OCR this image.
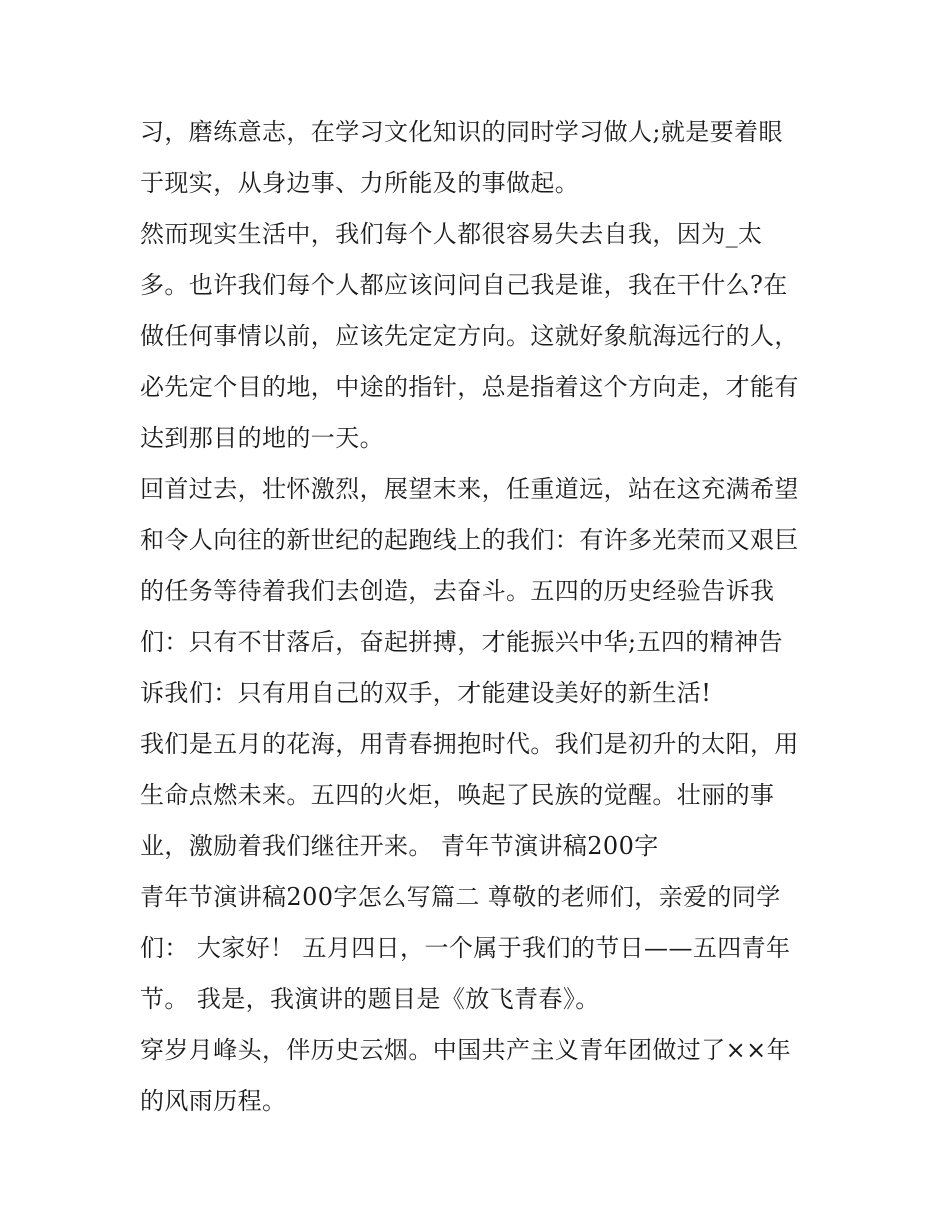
习，磨练意志，在学习文化知识的同时学习做人;就是要着眼
于现实，从身边事、力所能及的事做起。
然而现实生活中，我们每个人都很容易失去自我，因为_太
多。也许我们每个人都应该问问自己我是谁，我在干什么?在
做任何事情以前，应该先定定方向。这就好象航海远行的人，
必先定个目的地，中途的指针，总是指着这个方向走，才能有
达到那目的地的一天。
回首过去，壮怀激烈，展望末来，任重道远，站在这充满希望
和令人向往的新世纪的起跑线上的我们：有许多光荣而又艰巨
的任务等待着我们去创造，去奋斗。五四的历史经验告诉我
们：只有不甘落后，奋起拼搏，才能振兴中华;五四的精神告
诉我们：只有用自己的双手，才能建设美好的新生活!
我们是五月的花海，用青春拥抱时代。我们是初升的太阳，用
生命点燃未来。五四的火炬，唤起了民族的觉醒。壮丽的事
业，激励着我们继往开来。 青年节演讲稿200字
青年节演讲稿200字怎么写篇二 尊敬的老师们，亲爱的同学
们： 大家好！ 五月四日，一个属于我们的节日——五四青年
节。 我是，我演讲的题目是《放飞青春》。
穿岁月峰头，伴历史云烟。中国共产主义青年团做过了××年
的风雨历程。
